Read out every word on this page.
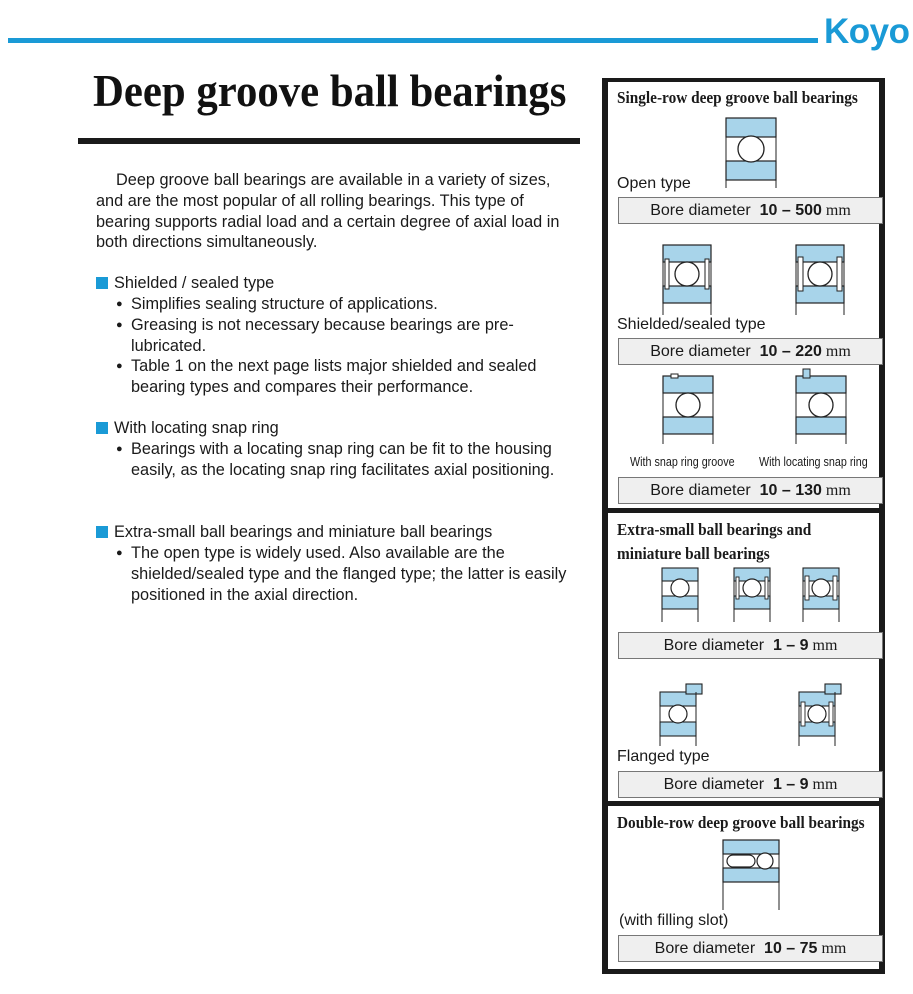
Koyo
Deep groove ball bearings

Deep groove ball bearings are available in a variety of sizes, and are the most popular of all rolling bearings. This type of bearing supports radial load and a certain degree of axial load in both directions simultaneously.

Shielded / sealed type
● Simplifies sealing structure of applications.
● Greasing is not necessary because bearings are pre-lubricated.
● Table 1 on the next page lists major shielded and sealed bearing types and compares their performance.
With locating snap ring
● Bearings with a locating snap ring can be fit to the housing easily, as the locating snap ring facilitates axial positioning.
Extra-small ball bearings and miniature ball bearings
● The open type is widely used. Also available are the shielded/sealed type and the flanged type; the latter is easily positioned in the axial direction.
Single-row deep groove ball bearings
Open type
Bore diameter 10 – 500 mm
Shielded/sealed type
Bore diameter 10 – 220 mm
With snap ring groove With locating snap ring
Bore diameter 10 – 130 mm
Extra-small ball bearings and
miniature ball bearings
Bore diameter 1 – 9 mm
Flanged type
Bore diameter 1 – 9 mm
Double-row deep groove ball bearings
(with filling slot)
Bore diameter 10 – 75 mm
